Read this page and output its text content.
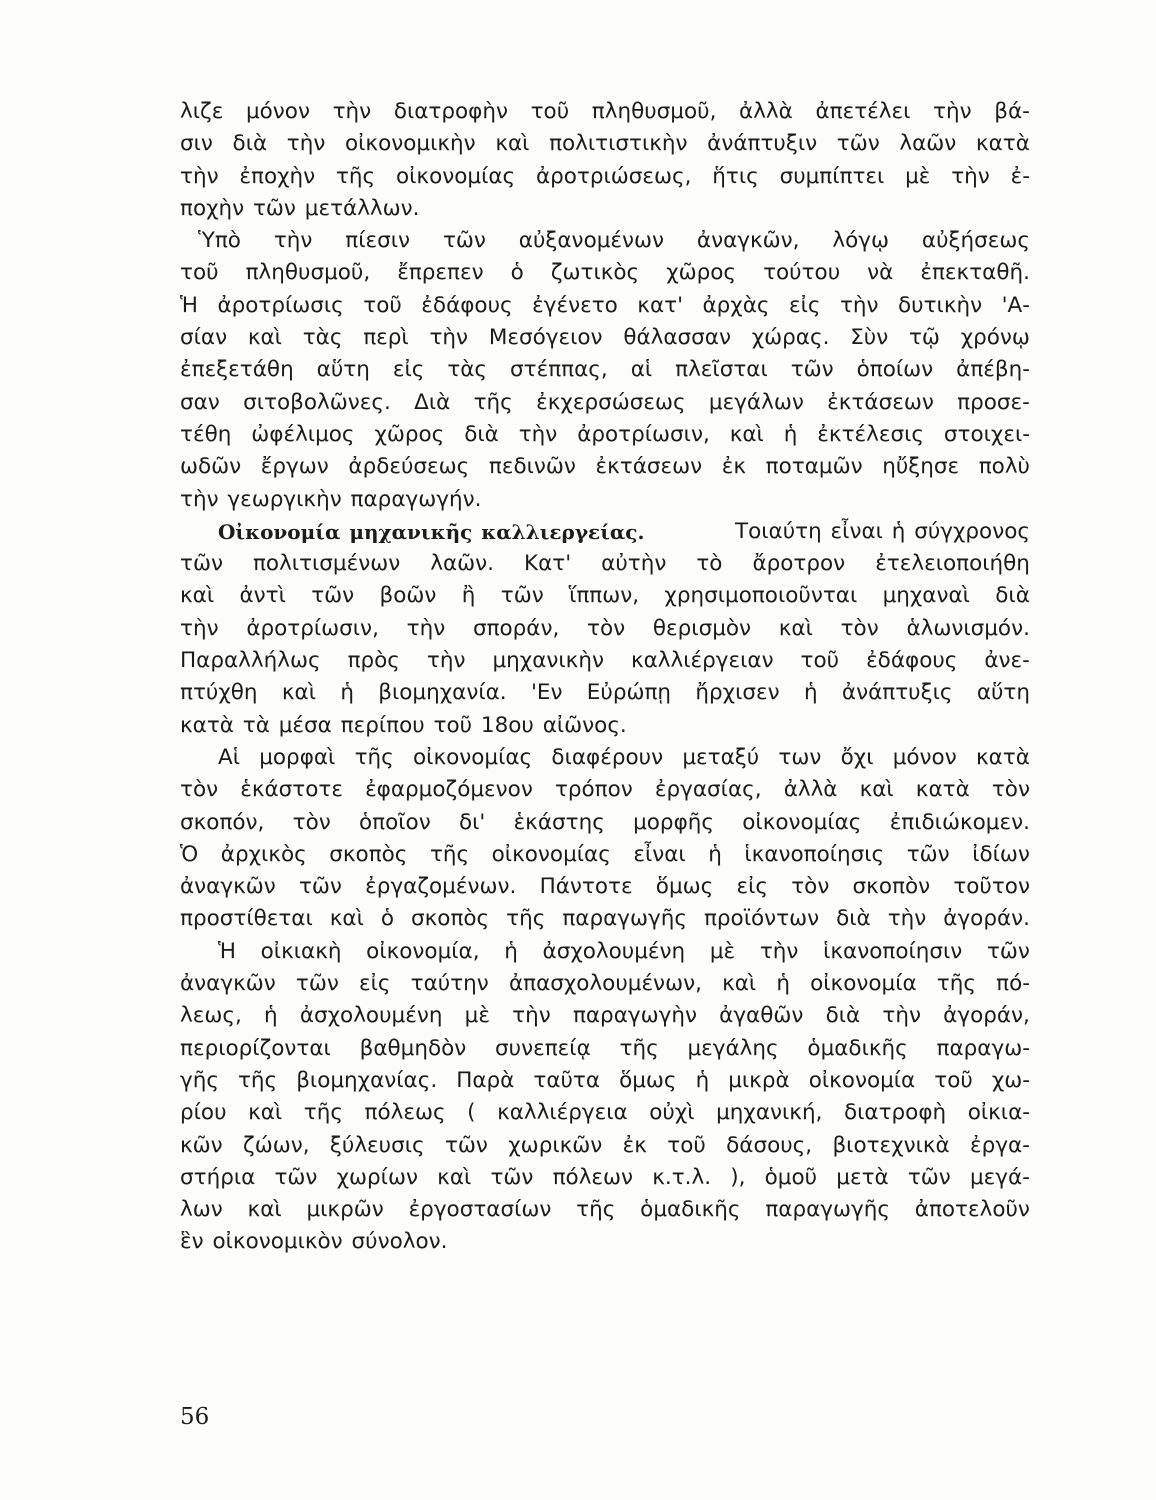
λιζε μόνον τὴν διατροφὴν τοῦ πληθυσμοῦ, ἀλλὰ ἀπετέλει τὴν βά-
σιν διὰ τὴν οἰκονομικὴν καὶ πολιτιστικὴν ἀνάπτυξιν τῶν λαῶν κατὰ
τὴν ἐποχὴν τῆς οἰκονομίας ἀροτριώσεως, ἥτις συμπίπτει μὲ τὴν ἐ-
ποχὴν τῶν μετάλλων.
Ὑπὸ τὴν πίεσιν τῶν αὐξανομένων ἀναγκῶν, λόγῳ αὐξήσεως
τοῦ πληθυσμοῦ, ἔπρεπεν ὁ ζωτικὸς χῶρος τούτου νὰ ἐπεκταθῆ.
Ἡ ἀροτρίωσις τοῦ ἐδάφους ἐγένετο κατ' ἀρχὰς εἰς τὴν δυτικὴν 'Α-
σίαν καὶ τὰς περὶ τὴν Μεσόγειον θάλασσαν χώρας. Σὺν τῷ χρόνῳ
ἐπεξετάθη αὕτη εἰς τὰς στέππας, αἱ πλεῖσται τῶν ὁποίων ἀπέβη-
σαν σιτοβολῶνες. Διὰ τῆς ἐκχερσώσεως μεγάλων ἐκτάσεων προσε-
τέθη ὠφέλιμος χῶρος διὰ τὴν ἀροτρίωσιν, καὶ ἡ ἐκτέλεσις στοιχει-
ωδῶν ἔργων ἀρδεύσεως πεδινῶν ἐκτάσεων ἐκ ποταμῶν ηὔξησε πολὺ
τὴν γεωργικὴν παραγωγήν.
Οἰκονομία μηχανικῆς καλλιεργείας.	Τοιαύτη εἶναι ἡ σύγχρονος
τῶν πολιτισμένων λαῶν. Κατ' αὐτὴν τὸ ἄροτρον ἐτελειοποιήθη
καὶ ἀντὶ τῶν βοῶν ἢ τῶν ἵππων, χρησιμοποιοῦνται μηχαναὶ διὰ
τὴν ἀροτρίωσιν, τὴν σποράν, τὸν θερισμὸν καὶ τὸν ἁλωνισμόν.
Παραλλήλως πρὸς τὴν μηχανικὴν καλλιέργειαν τοῦ ἐδάφους ἀνε-
πτύχθη καὶ ἡ βιομηχανία. 'Εν Εὐρώπῃ ἤρχισεν ἡ ἀνάπτυξις αὕτη
κατὰ τὰ μέσα περίπου τοῦ 18ου αἰῶνος.
Αἱ μορφαὶ τῆς οἰκονομίας διαφέρουν μεταξύ των ὄχι μόνον κατὰ
τὸν ἑκάστοτε ἐφαρμοζόμενον τρόπον ἐργασίας, ἀλλὰ καὶ κατὰ τὸν
σκοπόν, τὸν ὁποῖον δι' ἑκάστης μορφῆς οἰκονομίας ἐπιδιώκομεν.
Ὁ ἀρχικὸς σκοπὸς τῆς οἰκονομίας εἶναι ἡ ἱκανοποίησις τῶν ἰδίων
ἀναγκῶν τῶν ἐργαζομένων. Πάντοτε ὅμως εἰς τὸν σκοπὸν τοῦτον
προστίθεται καὶ ὁ σκοπὸς τῆς παραγωγῆς προϊόντων διὰ τὴν ἀγοράν.
Ἡ οἰκιακὴ οἰκονομία, ἡ ἀσχολουμένη μὲ τὴν ἱκανοποίησιν τῶν
ἀναγκῶν τῶν εἰς ταύτην ἀπασχολουμένων, καὶ ἡ οἰκονομία τῆς πό-
λεως, ἡ ἀσχολουμένη μὲ τὴν παραγωγὴν ἀγαθῶν διὰ τὴν ἀγοράν,
περιορίζονται βαθμηδὸν συνεπείᾳ τῆς μεγάλης ὁμαδικῆς παραγω-
γῆς τῆς βιομηχανίας. Παρὰ ταῦτα ὅμως ἡ μικρὰ οἰκονομία τοῦ χω-
ρίου καὶ τῆς πόλεως ( καλλιέργεια οὐχὶ μηχανική, διατροφὴ οἰκια-
κῶν ζώων, ξύλευσις τῶν χωρικῶν ἐκ τοῦ δάσους, βιοτεχνικὰ ἐργα-
στήρια τῶν χωρίων καὶ τῶν πόλεων κ.τ.λ. ), ὁμοῦ μετὰ τῶν μεγά-
λων καὶ μικρῶν ἐργοστασίων τῆς ὁμαδικῆς παραγωγῆς ἀποτελοῦν
ἓν οἰκονομικὸν σύνολον.
56
